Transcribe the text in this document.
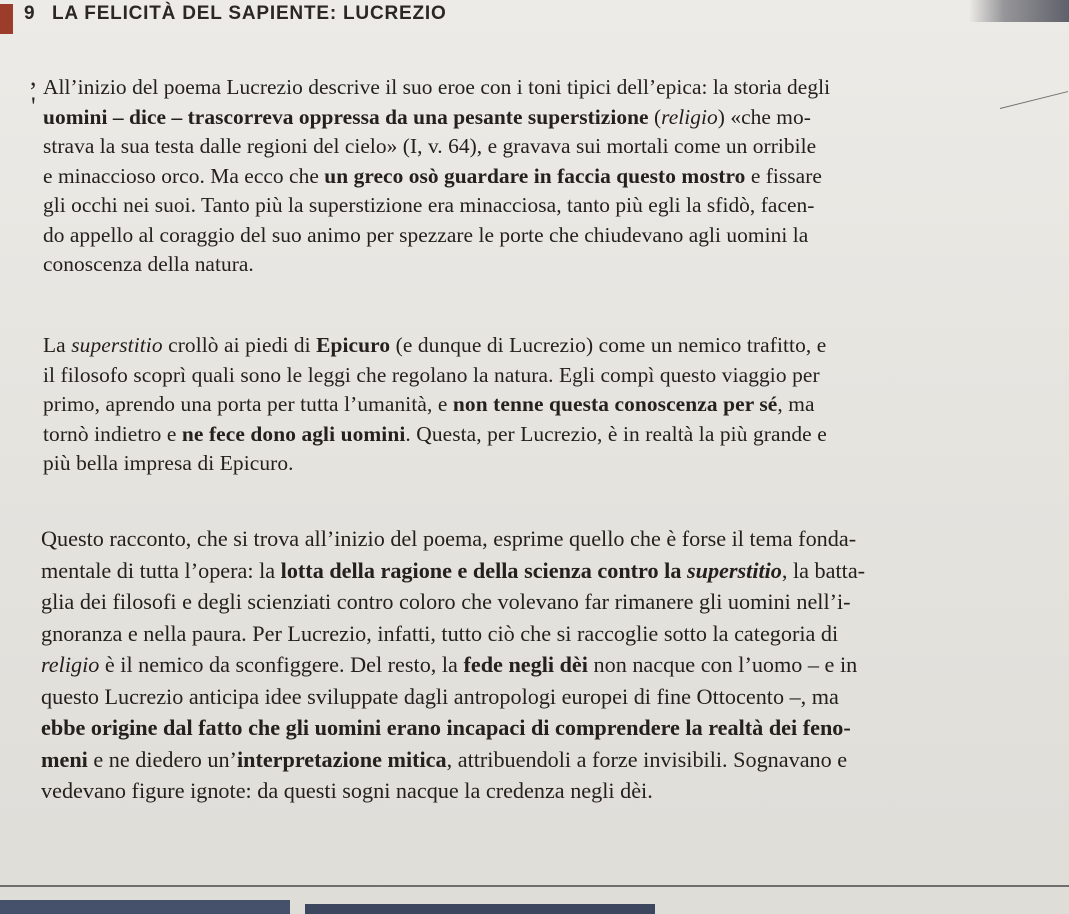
9 LA FELICITÀ DEL SAPIENTE: LUCREZIO
,
'
All’inizio del poema Lucrezio descrive il suo eroe con i toni tipici dell’epica: la storia degli
uomini – dice – trascorreva oppressa da una pesante superstizione (religio) «che mo-
strava la sua testa dalle regioni del cielo» (I, v. 64), e gravava sui mortali come un orribile
e minaccioso orco. Ma ecco che un greco osò guardare in faccia questo mostro e fissare
gli occhi nei suoi. Tanto più la superstizione era minacciosa, tanto più egli la sfidò, facen-
do appello al coraggio del suo animo per spezzare le porte che chiudevano agli uomini la
conoscenza della natura.
La superstitio crollò ai piedi di Epicuro (e dunque di Lucrezio) come un nemico trafitto, e
il filosofo scoprì quali sono le leggi che regolano la natura. Egli compì questo viaggio per
primo, aprendo una porta per tutta l’umanità, e non tenne questa conoscenza per sé, ma
tornò indietro e ne fece dono agli uomini. Questa, per Lucrezio, è in realtà la più grande e
più bella impresa di Epicuro.
Questo racconto, che si trova all’inizio del poema, esprime quello che è forse il tema fonda-
mentale di tutta l’opera: la lotta della ragione e della scienza contro la superstitio, la batta-
glia dei filosofi e degli scienziati contro coloro che volevano far rimanere gli uomini nell’i-
gnoranza e nella paura. Per Lucrezio, infatti, tutto ciò che si raccoglie sotto la categoria di
religio è il nemico da sconfiggere. Del resto, la fede negli dèi non nacque con l’uomo – e in
questo Lucrezio anticipa idee sviluppate dagli antropologi europei di fine Ottocento –, ma
ebbe origine dal fatto che gli uomini erano incapaci di comprendere la realtà dei feno-
meni e ne diedero un’interpretazione mitica, attribuendoli a forze invisibili. Sognavano e
vedevano figure ignote: da questi sogni nacque la credenza negli dèi.
